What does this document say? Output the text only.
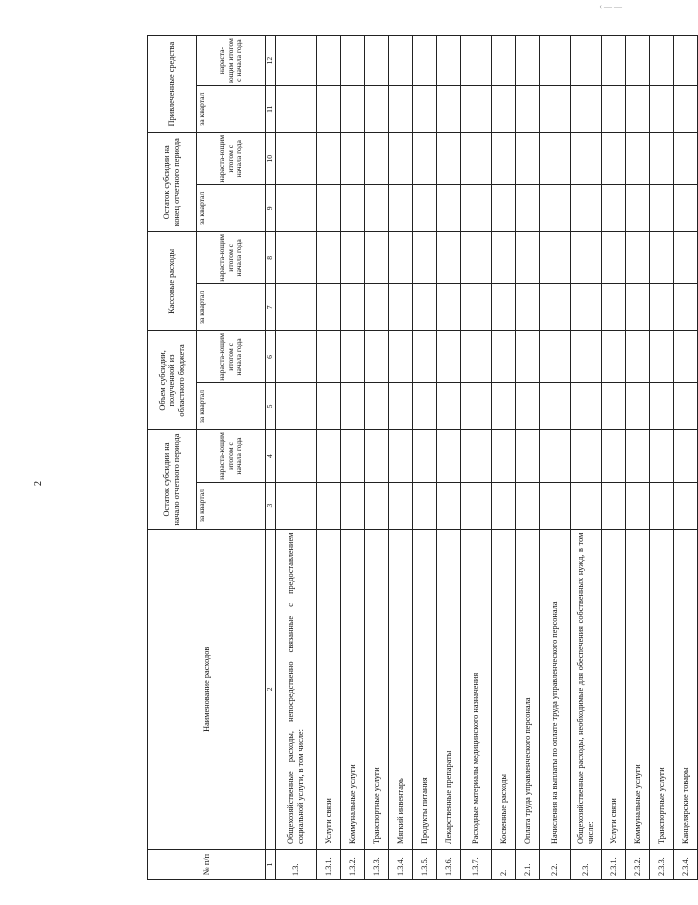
2
‹ — —
№ п/п	Наименование расходов	Остаток субсидии на начало отчетного периода		Объем субсидии, полученной из областного бюджета		Кассовые расходы		Остаток субсидии на конец отчетного периода		Привлеченные средства	
		за квартал	нараста-ющим итогом с начала года	за квартал	нараста-ющим итогом с начала года	за квартал	нараста-ющим итогом с начала года	за квартал	нараста-ющим итогом с начала года	за квартал	нараста-ющим итогом с начала года
1	2	3	4	5	6	7	8	9	10	11	12
1.3.	Общехозяйственные расходы, непосредственно связанные с предоставлением социальной услуги, в том числе:										
1.3.1.	Услуги связи										
1.3.2.	Коммунальные услуги										
1.3.3.	Транспортные услуги										
1.3.4.	Мягкий инвентарь										
1.3.5.	Продукты питания										
1.3.6.	Лекарственные препараты										
1.3.7.	Расходные материалы медицинского назначения										
2.	Косвенные расходы										
2.1.	Оплата труда управленческого персонала										
2.2.	Начисления на выплаты по оплате труда управленческого персонала										
2.3.	Общехозяйственные расходы, необходимые для обеспечения собственных нужд, в том числе:										
2.3.1.	Услуги связи										
2.3.2.	Коммунальные услуги										
2.3.3.	Транспортные услуги										
2.3.4.	Канцелярские товары										
